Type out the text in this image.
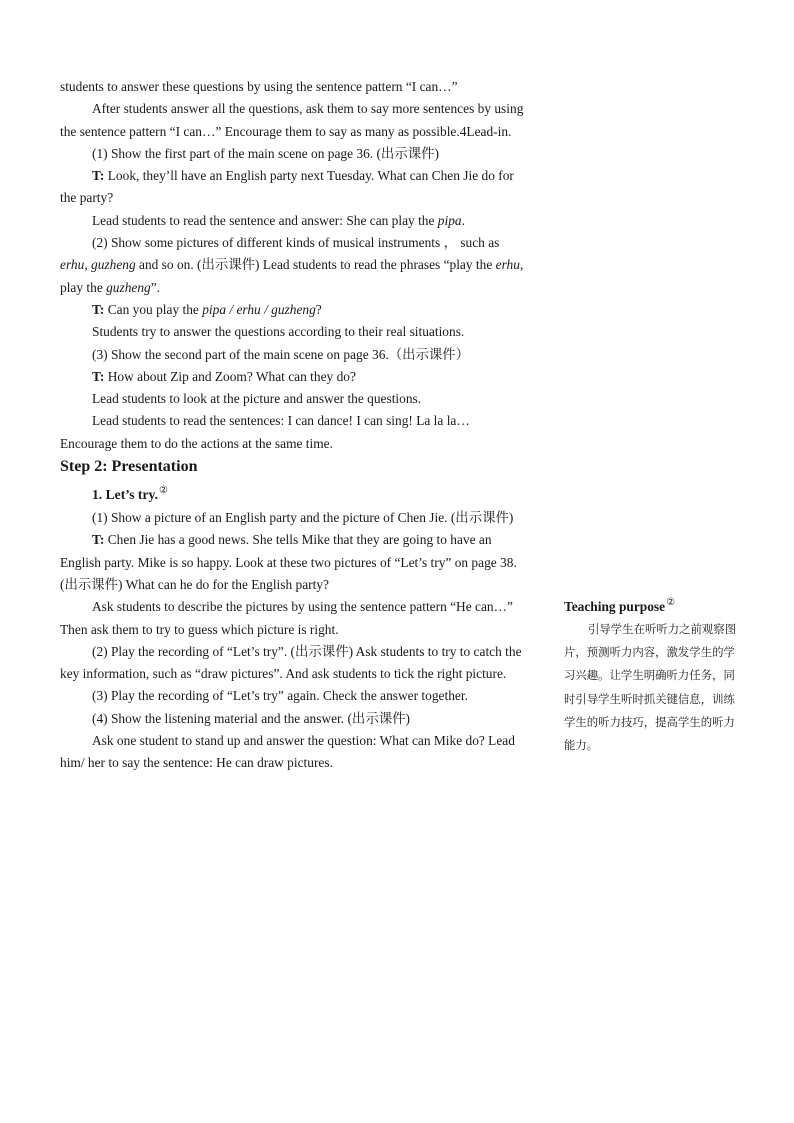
students to answer these questions by using the sentence pattern “I can…”

After students answer all the questions, ask them to say more sentences by using the sentence pattern “I can…” Encourage them to say as many as possible.4Lead-in.

(1) Show the first part of the main scene on page 36. (出示课件)

T: Look, they’ll have an English party next Tuesday. What can Chen Jie do for the party?

Lead students to read the sentence and answer: She can play the pipa.

(2) Show some pictures of different kinds of musical instruments ， such as erhu, guzheng and so on. (出示课件) Lead students to read the phrases “play the erhu, play the guzheng”.

T: Can you play the pipa / erhu / guzheng?

Students try to answer the questions according to their real situations.

(3) Show the second part of the main scene on page 36.（出示课件）

T: How about Zip and Zoom? What can they do?

Lead students to look at the picture and answer the questions.

Lead students to read the sentences: I can dance! I can sing! La la la… Encourage them to do the actions at the same time.

Step 2: Presentation

1. Let’s try.②

(1) Show a picture of an English party and the picture of Chen Jie. (出示课件)

T: Chen Jie has a good news. She tells Mike that they are going to have an English party. Mike is so happy. Look at these two pictures of “Let’s try” on page 38. (出示课件) What can he do for the English party?

Ask students to describe the pictures by using the sentence pattern “He can…” Then ask them to try to guess which picture is right.

(2) Play the recording of “Let’s try”. (出示课件) Ask students to try to catch the key information, such as “draw pictures”. And ask students to tick the right picture.

(3) Play the recording of “Let’s try” again. Check the answer together.

(4) Show the listening material and the answer. (出示课件)

Ask one student to stand up and answer the question: What can Mike do? Lead him/ her to say the sentence: He can draw pictures.

Teaching purpose②

引导学生在听听力之前观察图片，预测听力内容，激发学生的学习兴趣。让学生明确听力任务，同时引导学生听时抓关键信息，训练学生的听力技巧，提高学生的听力能力。
